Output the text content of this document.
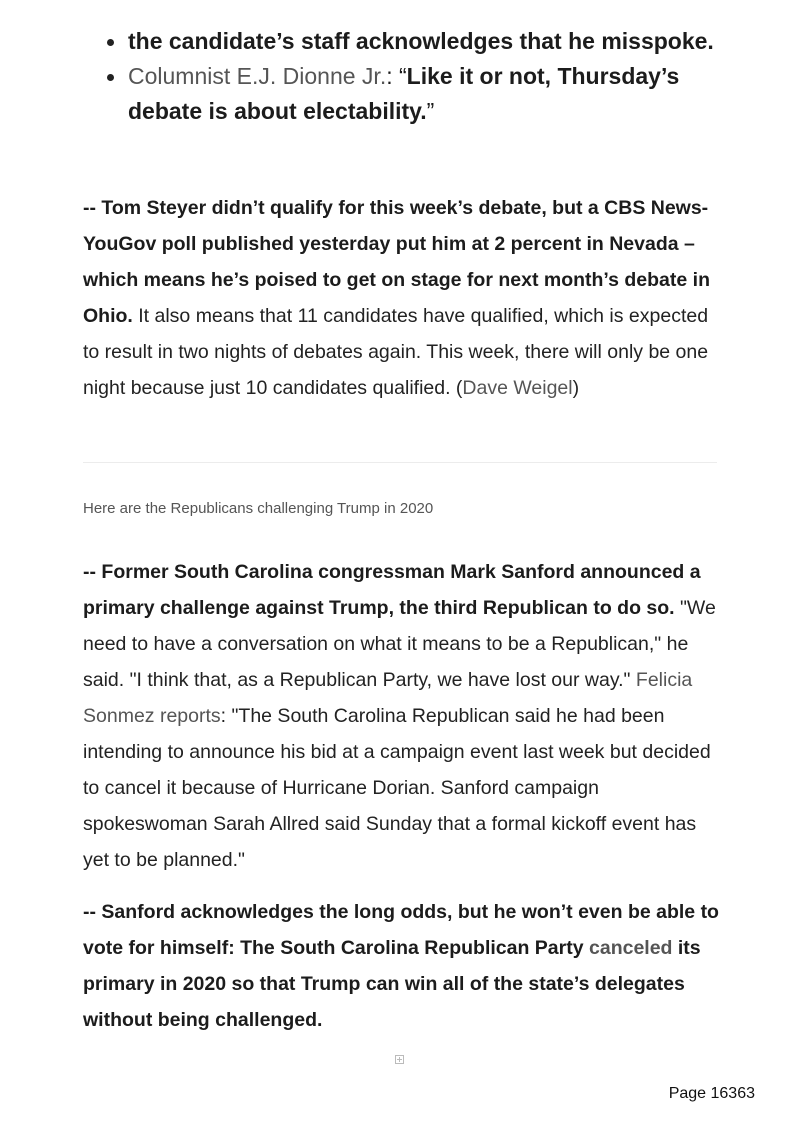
the candidate’s staff acknowledges that he misspoke.
Columnist E.J. Dionne Jr.: “Like it or not, Thursday’s debate is about electability.”

-- Tom Steyer didn’t qualify for this week’s debate, but a CBS News-YouGov poll published yesterday put him at 2 percent in Nevada – which means he’s poised to get on stage for next month’s debate in Ohio. It also means that 11 candidates have qualified, which is expected to result in two nights of debates again. This week, there will only be one night because just 10 candidates qualified. (Dave Weigel)

Here are the Republicans challenging Trump in 2020

-- Former South Carolina congressman Mark Sanford announced a primary challenge against Trump, the third Republican to do so. "We need to have a conversation on what it means to be a Republican," he said. "I think that, as a Republican Party, we have lost our way." Felicia Sonmez reports: "The South Carolina Republican said he had been intending to announce his bid at a campaign event last week but decided to cancel it because of Hurricane Dorian. Sanford campaign spokeswoman Sarah Allred said Sunday that a formal kickoff event has yet to be planned."

-- Sanford acknowledges the long odds, but he won’t even be able to vote for himself: The South Carolina Republican Party canceled its primary in 2020 so that Trump can win all of the state’s delegates without being challenged.

Page 16363
